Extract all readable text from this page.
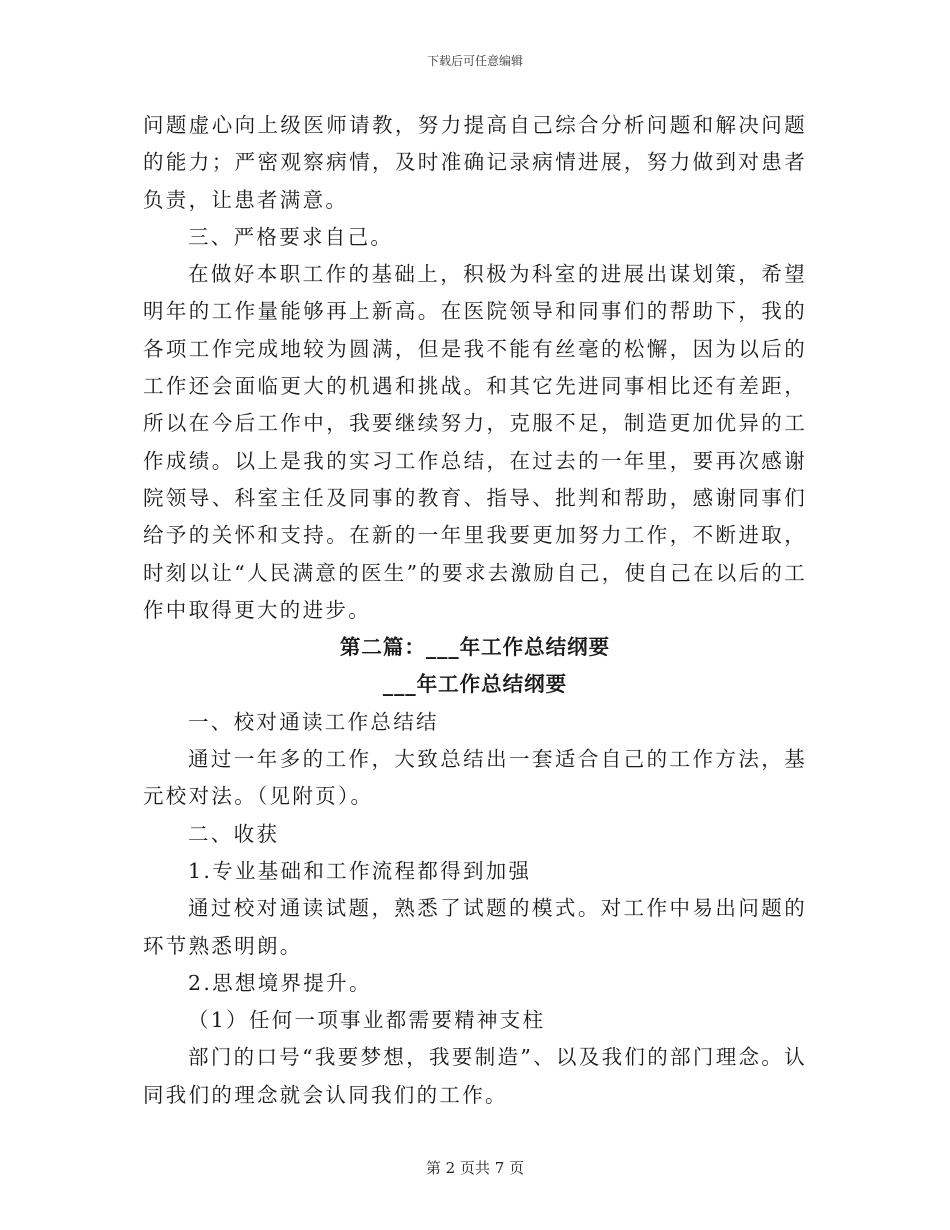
下载后可任意编辑

问题虚心向上级医师请教，努力提高自己综合分析问题和解决问题的能力；严密观察病情，及时准确记录病情进展，努力做到对患者负责，让患者满意。

三、严格要求自己。

在做好本职工作的基础上，积极为科室的进展出谋划策，希望明年的工作量能够再上新高。在医院领导和同事们的帮助下，我的各项工作完成地较为圆满，但是我不能有丝毫的松懈，因为以后的工作还会面临更大的机遇和挑战。和其它先进同事相比还有差距，所以在今后工作中，我要继续努力，克服不足，制造更加优异的工作成绩。以上是我的实习工作总结，在过去的一年里，要再次感谢院领导、科室主任及同事的教育、指导、批判和帮助，感谢同事们给予的关怀和支持。在新的一年里我要更加努力工作，不断进取，时刻以让“人民满意的医生”的要求去激励自己，使自己在以后的工作中取得更大的进步。

第二篇：___年工作总结纲要

___年工作总结纲要

一、校对通读工作总结结

通过一年多的工作，大致总结出一套适合自己的工作方法，基元校对法。（见附页）。

二、收获

1.专业基础和工作流程都得到加强

通过校对通读试题，熟悉了试题的模式。对工作中易出问题的环节熟悉明朗。

2.思想境界提升。

（1）任何一项事业都需要精神支柱

部门的口号“我要梦想，我要制造”、以及我们的部门理念。认同我们的理念就会认同我们的工作。

第 2 页共 7 页
